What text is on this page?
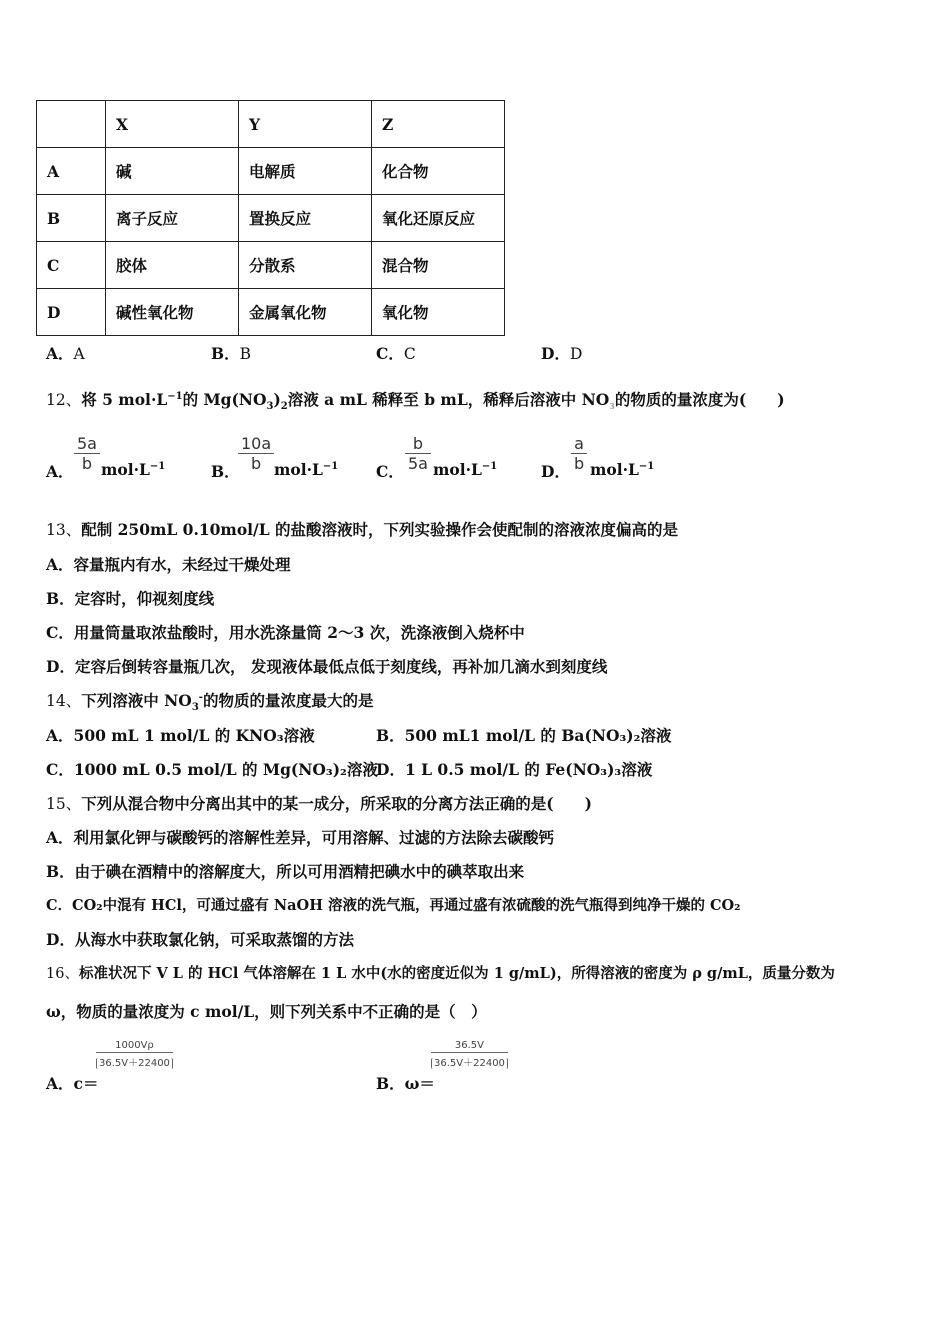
	X	Y	Z
A	碱	电解质	化合物
B	离子反应	置换反应	氧化还原反应
C	胶体	分散系	混合物
D	碱性氧化物	金属氧化物	氧化物
A．A	B．B	C．C	D．D
12、将 5 $mol\cdot L^{-1}$的 $Mg(NO_3)_2$溶液 a mL 稀释至 b mL，稀释后溶液中 $NO_3$的物质的量浓度为(　　)
A．
5a
b $mol\cdot L^{-1}$	B．
10a
b $mol\cdot L^{-1}$ C．
b
5a $mol\cdot L^{-1}$	D．
a
b $mol\cdot L^{-1}$
13、配制 250mL 0.10mol/L 的盐酸溶液时，下列实验操作会使配制的溶液浓度偏高的是
A．容量瓶内有水，未经过干燥处理
B．定容时，仰视刻度线
C．用量筒量取浓盐酸时，用水洗涤量筒 2～3 次，洗涤液倒入烧杯中
D．定容后倒转容量瓶几次， 发现液体最低点低于刻度线，再补加几滴水到刻度线
14、下列溶液中 $NO_3^-$的物质的量浓度最大的是
A．500 mL 1 mol/L 的 KNO₃溶液	B．500 mL1 mol/L 的 Ba(NO₃)₂溶液
C．1000 mL 0.5 mol/L 的 Mg(NO₃)₂溶液
D．1 L 0.5 mol/L 的 Fe(NO₃)₃溶液
15、下列从混合物中分离出其中的某一成分，所采取的分离方法正确的是(　　)
A．利用氯化钾与碳酸钙的溶解性差异，可用溶解、过滤的方法除去碳酸钙
B．由于碘在酒精中的溶解度大，所以可用酒精把碘水中的碘萃取出来
C．CO₂中混有 HCl，可通过盛有 NaOH 溶液的洗气瓶，再通过盛有浓硫酸的洗气瓶得到纯净干燥的 CO₂
D．从海水中获取氯化钠，可采取蒸馏的方法
16、标准状况下 V L 的 HCl 气体溶解在 1 L 水中(水的密度近似为 1 g/mL)，所得溶液的密度为 ρ g/mL，质量分数为
ω，物质的量浓度为 c mol/L，则下列关系中不正确的是（　）
A．c＝
1000Vρ
36.5V＋22400
B．ω＝
36.5V
36.5V＋22400
